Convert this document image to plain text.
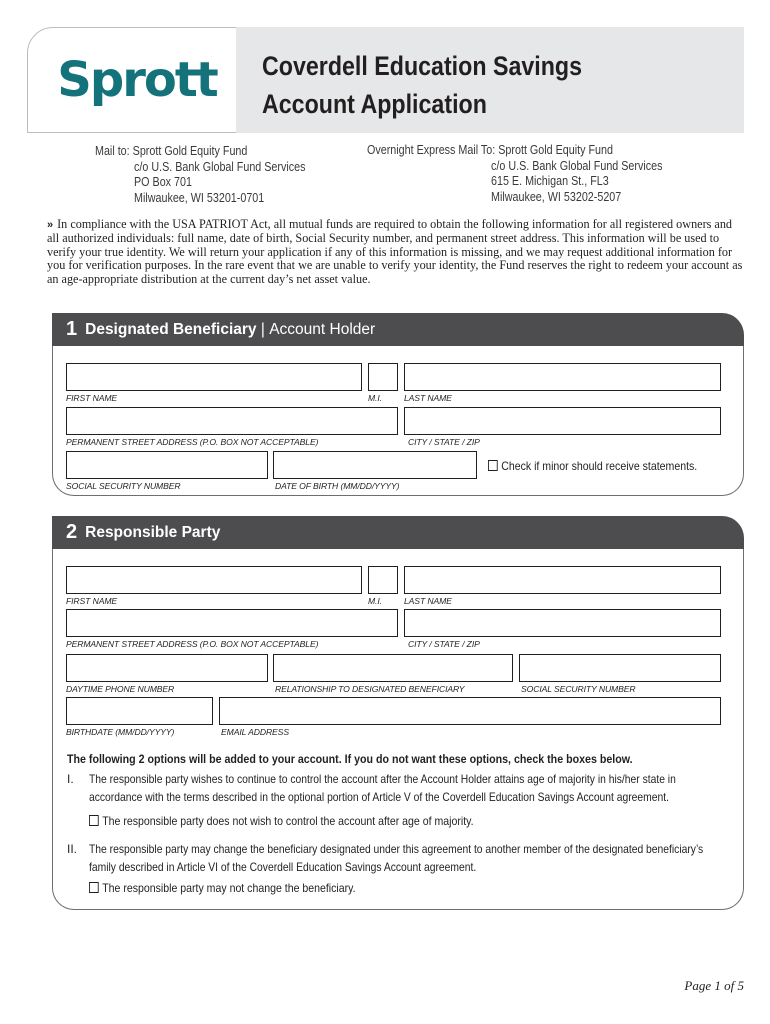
Sprott Coverdell Education Savings
Account Application
Mail to: Sprott Gold Equity Fund
c/o U.S. Bank Global Fund Services
PO Box 701
Milwaukee, WI 53201-0701
Overnight Express Mail To: Sprott Gold Equity Fund
c/o U.S. Bank Global Fund Services
615 E. Michigan St., FL3
Milwaukee, WI 53202-5207
» In compliance with the USA PATRIOT Act, all mutual funds are required to obtain the following information for all registered owners and all authorized individuals: full name, date of birth, Social Security number, and permanent street address. This information will be used to verify your true identity. We will return your application if any of this information is missing, and we may request additional information for you for verification purposes. In the rare event that we are unable to verify your identity, the Fund reserves the right to redeem your account as an age-appropriate distribution at the current day’s net asset value.
1 Designated Beneficiary | Account Holder
FIRST NAME	M.I.	LAST NAME
PERMANENT STREET ADDRESS (P.O. BOX NOT ACCEPTABLE)	CITY / STATE / ZIP
Check if minor should receive statements.
SOCIAL SECURITY NUMBER	DATE OF BIRTH (MM/DD/YYYY)
2 Responsible Party
FIRST NAME	M.I.	LAST NAME
PERMANENT STREET ADDRESS (P.O. BOX NOT ACCEPTABLE)	CITY / STATE / ZIP
DAYTIME PHONE NUMBER	RELATIONSHIP TO DESIGNATED BENEFICIARY	SOCIAL SECURITY NUMBER
BIRTHDATE (MM/DD/YYYY)	EMAIL ADDRESS
The following 2 options will be added to your account. If you do not want these options, check the boxes below.
I. The responsible party wishes to continue to control the account after the Account Holder attains age of majority in his/her state in
accordance with the terms described in the optional portion of Article V of the Coverdell Education Savings Account agreement.
The responsible party does not wish to control the account after age of majority.
II. The responsible party may change the beneficiary designated under this agreement to another member of the designated beneficiary’s
family described in Article VI of the Coverdell Education Savings Account agreement.
The responsible party may not change the beneficiary.
Page 1 of 5
